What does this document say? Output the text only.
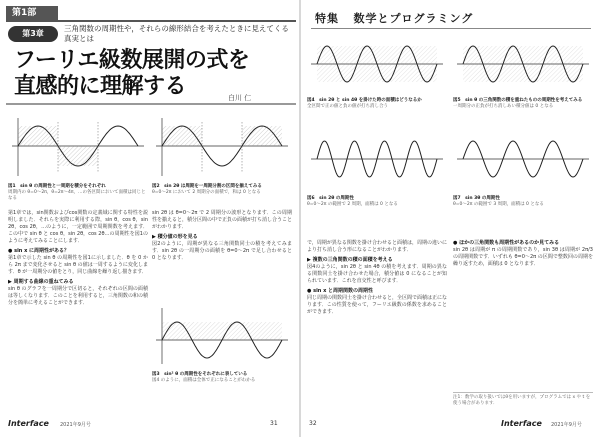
第1部
第3章
三角関数の周期性や，それらの線形結合を考えたときに見えてくる真実とは
フーリエ級数展開の式を
直感的に理解する	白川 仁
図1　sin θ の周期性と一周期を積分をそれぞれ
周期内の θ=0〜2π，θ=2π〜4π，…の各区間において面積は同じとなる
図2　sin 2θ は周期を一周期分割の区間を揃えてみる
θ=0〜2π において 2 周期分の面積で，和は 0 となる

第1章では，sin関数およびcos関数の定義域に関する特性を説明しました．それらを実際に利用する際，sin θ，cos θ，sin 2θ，cos 2θ，…のように，一定範囲で周期関数を考えます．この中で sin θ と cos θ，sin 2θ，cos 2θ…の周期性を図1のように考えてみることにします．

● sin x に周期性がある？

第1章で示した sin θ の周期性を図1に示しました．θ を 0 から 2π まで変化させると sin θ の値は一周するように変化します．θ が一周期分の値をとり，同じ曲線を繰り返し描きます．

▶ 周期する曲線の重ねてみる

sin θ のグラフを一周期分で区切ると，それぞれの区間の面積は等しくなります．このことを利用すると，三角関数の和の積分を簡単に考えることができます．

sin 2θ は θ=0〜2π で 2 周期分の波形となります．この周期性を揃えると，積分区間の中で正負の面積が打ち消し合うことがわかります．

▶ 積分値の形を見る

図2のように，周期が異なる三角関数同士の積を考えてみます．sin 2θ の一周期分の面積を θ=0〜2π で足し合わせると 0 となります．

図3　sin² θ の周期性をそれぞれに表している
図4 のように，面積は全体で正になることがわかる
Interface 2021年9月号	31
特集 数学とプログラミング
図4　sin 2θ と sin 4θ を掛けた時の面積はどうなるか
全区間で正の値と負の値が打ち消し合う
図5　sin θ の三角関数の積を重ねたものの周期性を考えてみる
一周期分の正負が打ち消しあい積分値は 0 となる
図6　sin 2θ の周期性
θ=0〜2π の範囲で 2 周期，面積は 0 となる
図7　sin 3θ の周期性
θ=0〜2π の範囲で 3 周期，面積は 0 となる

で，周期が異なる関数を掛け合わせると面積は，周期の違いにより打ち消し合う形になることがわかります．

▶ 複数の三角関数の積の面積を考える

図4のように，sin 2θ と sin 4θ の積を考えます．周期の異なる関数同士を掛け合わせた場合，積分値は 0 になることが知られています．これを直交性と呼びます．

● sin x と周期関数の周期性

同じ周期の関数同士を掛け合わせると，全区間で面積は正になります．この性質を使って，フーリエ級数の係数を求めることができます．

● ほかの三角関数も周期性があるのか見てみる

sin 2θ は周期が π の周期関数であり，sin 3θ は周期が 2π/3 の周期関数です．いずれも θ=0〜2π の区間で整数回の周期を繰り返すため，面積は 0 となります．

注1：数学の取り扱いではθを用いますが，プログラムでは x や t を使う場合があります．
32	Interface 2021年9月号
